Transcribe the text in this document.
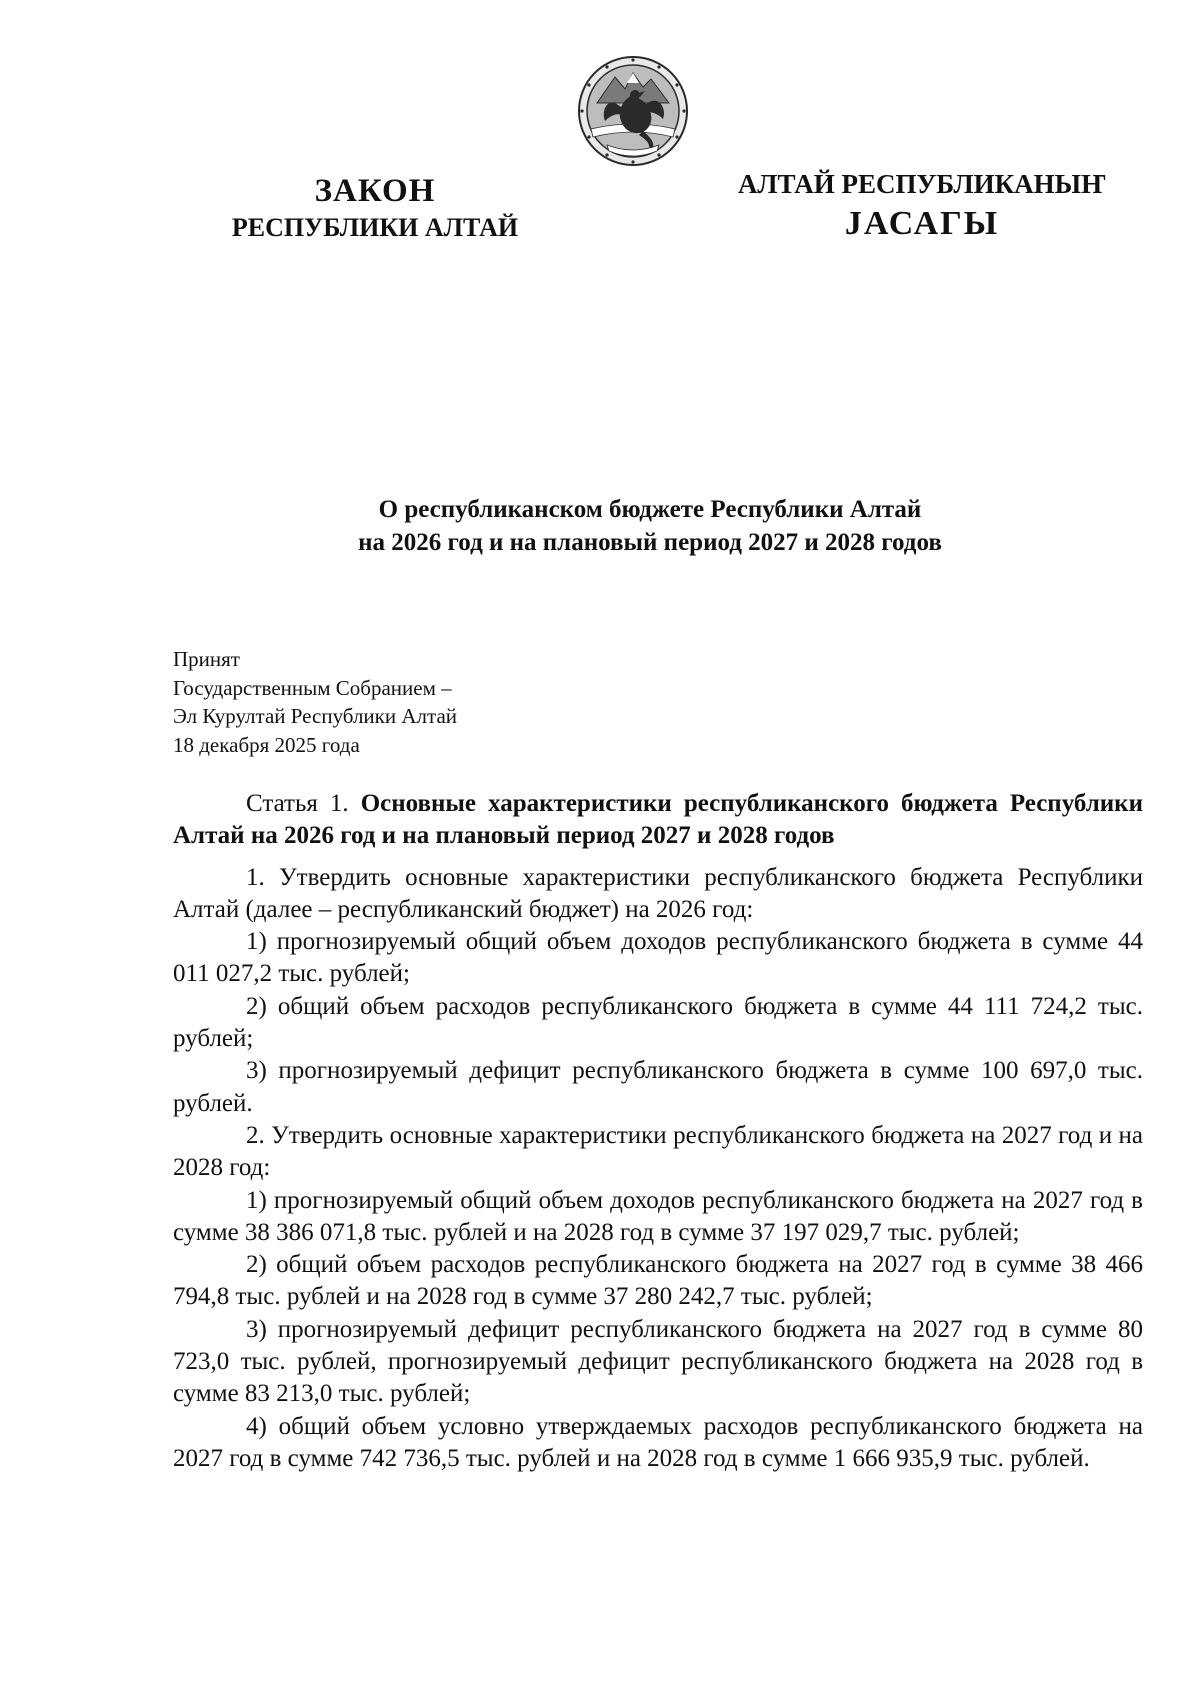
ЗАКОН
РЕСПУБЛИКИ АЛТАЙ
АЛТАЙ РЕСПУБЛИКАНЫҤ
ЈАСАГЫ
О республиканском бюджете Республики Алтай
на 2026 год и на плановый период 2027 и 2028 годов
Принят
Государственным Собранием –
Эл Курултай Республики Алтай
18 декабря 2025 года

Статья 1. Основные характеристики республиканского бюджета Республики Алтай на 2026 год и на плановый период 2027 и 2028 годов

1. Утвердить основные характеристики республиканского бюджета Республики Алтай (далее – республиканский бюджет) на 2026 год:

1) прогнозируемый общий объем доходов республиканского бюджета в сумме 44 011 027,2 тыс. рублей;

2) общий объем расходов республиканского бюджета в сумме 44 111 724,2 тыс. рублей;

3) прогнозируемый дефицит республиканского бюджета в сумме 100 697,0 тыс. рублей.

2. Утвердить основные характеристики республиканского бюджета на 2027 год и на 2028 год:

1) прогнозируемый общий объем доходов республиканского бюджета на 2027 год в сумме 38 386 071,8 тыс. рублей и на 2028 год в сумме 37 197 029,7 тыс. рублей;

2) общий объем расходов республиканского бюджета на 2027 год в сумме 38 466 794,8 тыс. рублей и на 2028 год в сумме 37 280 242,7 тыс. рублей;

3) прогнозируемый дефицит республиканского бюджета на 2027 год в сумме 80 723,0 тыс. рублей, прогнозируемый дефицит республиканского бюджета на 2028 год в сумме 83 213,0 тыс. рублей;

4) общий объем условно утверждаемых расходов республиканского бюджета на 2027 год в сумме 742 736,5 тыс. рублей и на 2028 год в сумме 1 666 935,9 тыс. рублей.
